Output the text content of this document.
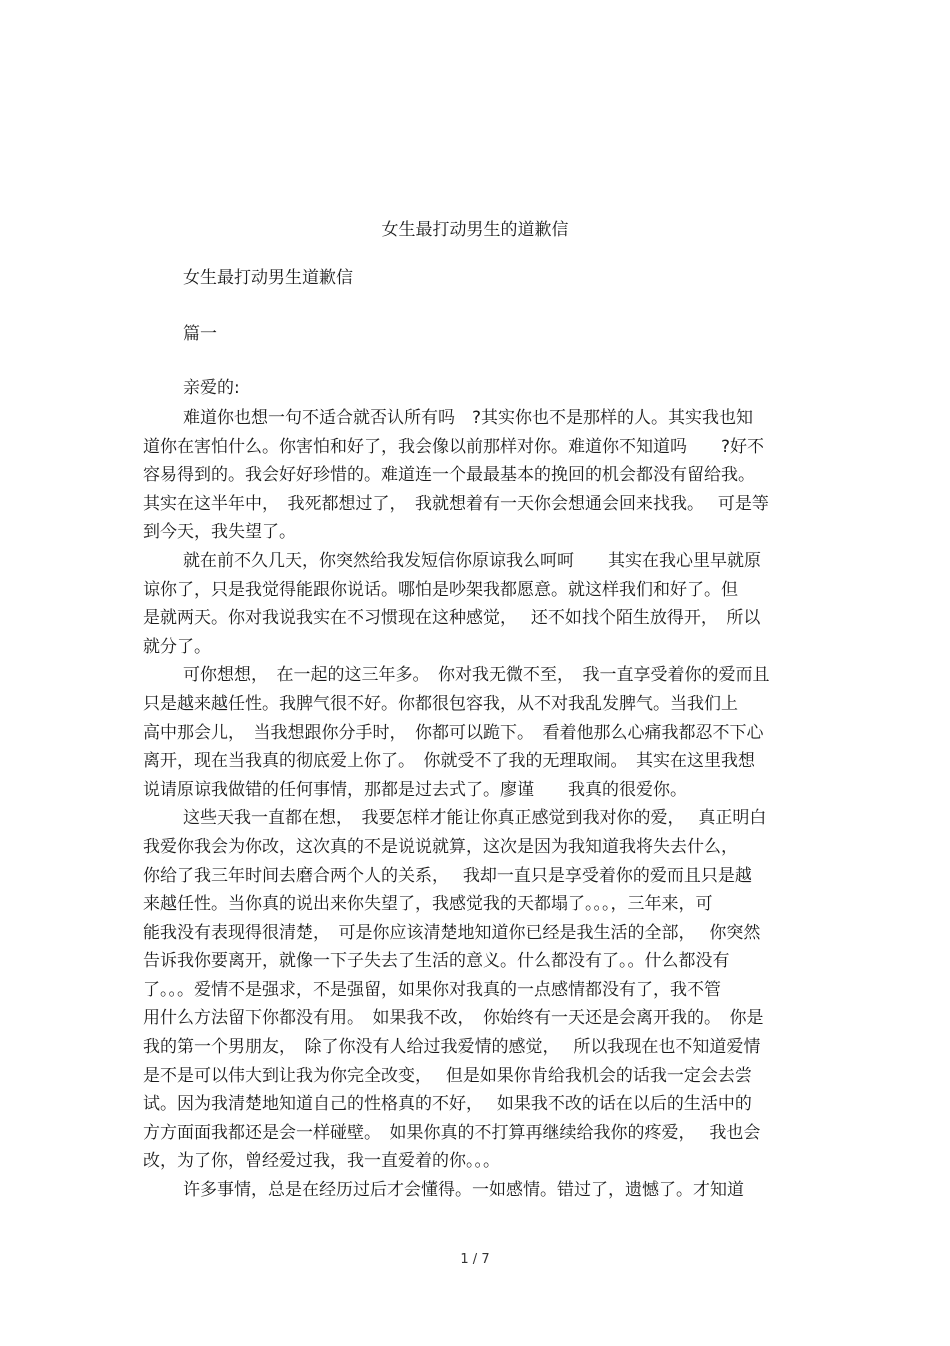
女生最打动男生的道歉信
女生最打动男生道歉信
篇一
亲爱的:
难道你也想一句不适合就否认所有吗　?其实你也不是那样的人。其实我也知
道你在害怕什么。你害怕和好了，我会像以前那样对你。难道你不知道吗　　?好不
容易得到的。我会好好珍惜的。难道连一个最最基本的挽回的机会都没有留给我。
其实在这半年中，　我死都想过了，　我就想着有一天你会想通会回来找我。　 可是等
到今天，我失望了。
就在前不久几天，你突然给我发短信你原谅我么呵呵　　其实在我心里早就原
谅你了，只是我觉得能跟你说话。哪怕是吵架我都愿意。就这样我们和好了。但
是就两天。你对我说我实在不习惯现在这种感觉，　 还不如找个陌生放得开，　所以
就分了。
可你想想，　在一起的这三年多。　你对我无微不至，　我一直享受着你的爱而且
只是越来越任性。我脾气很不好。你都很包容我，从不对我乱发脾气。当我们上
高中那会儿，　当我想跟你分手时，　你都可以跪下。　看着他那么心痛我都忍不下心
离开，现在当我真的彻底爱上你了。　你就受不了我的无理取闹。　其实在这里我想
说请原谅我做错的任何事情，那都是过去式了。廖谨　　我真的很爱你。
这些天我一直都在想，　我要怎样才能让你真正感觉到我对你的爱，　 真正明白
我爱你我会为你改，这次真的不是说说就算，这次是因为我知道我将失去什么，
你给了我三年时间去磨合两个人的关系，　 我却一直只是享受着你的爱而且只是越
来越任性。当你真的说出来你失望了，我感觉我的天都塌了。。。，三年来，可
能我没有表现得很清楚，　可是你应该清楚地知道你已经是我生活的全部，　 你突然
告诉我你要离开，就像一下子失去了生活的意义。什么都没有了。。什么都没有
了。。。爱情不是强求，不是强留，如果你对我真的一点感情都没有了，我不管
用什么方法留下你都没有用。　如果我不改，　你始终有一天还是会离开我的。　你是
我的第一个男朋友，　除了你没有人给过我爱情的感觉，　 所以我现在也不知道爱情
是不是可以伟大到让我为你完全改变，　 但是如果你肯给我机会的话我一定会去尝
试。因为我清楚地知道自己的性格真的不好，　 如果我不改的话在以后的生活中的
方方面面我都还是会一样碰壁。　如果你真的不打算再继续给我你的疼爱，　 我也会
改，为了你，曾经爱过我，我一直爱着的你。。。
许多事情，总是在经历过后才会懂得。一如感情。错过了，遗憾了。才知道
1 / 7
